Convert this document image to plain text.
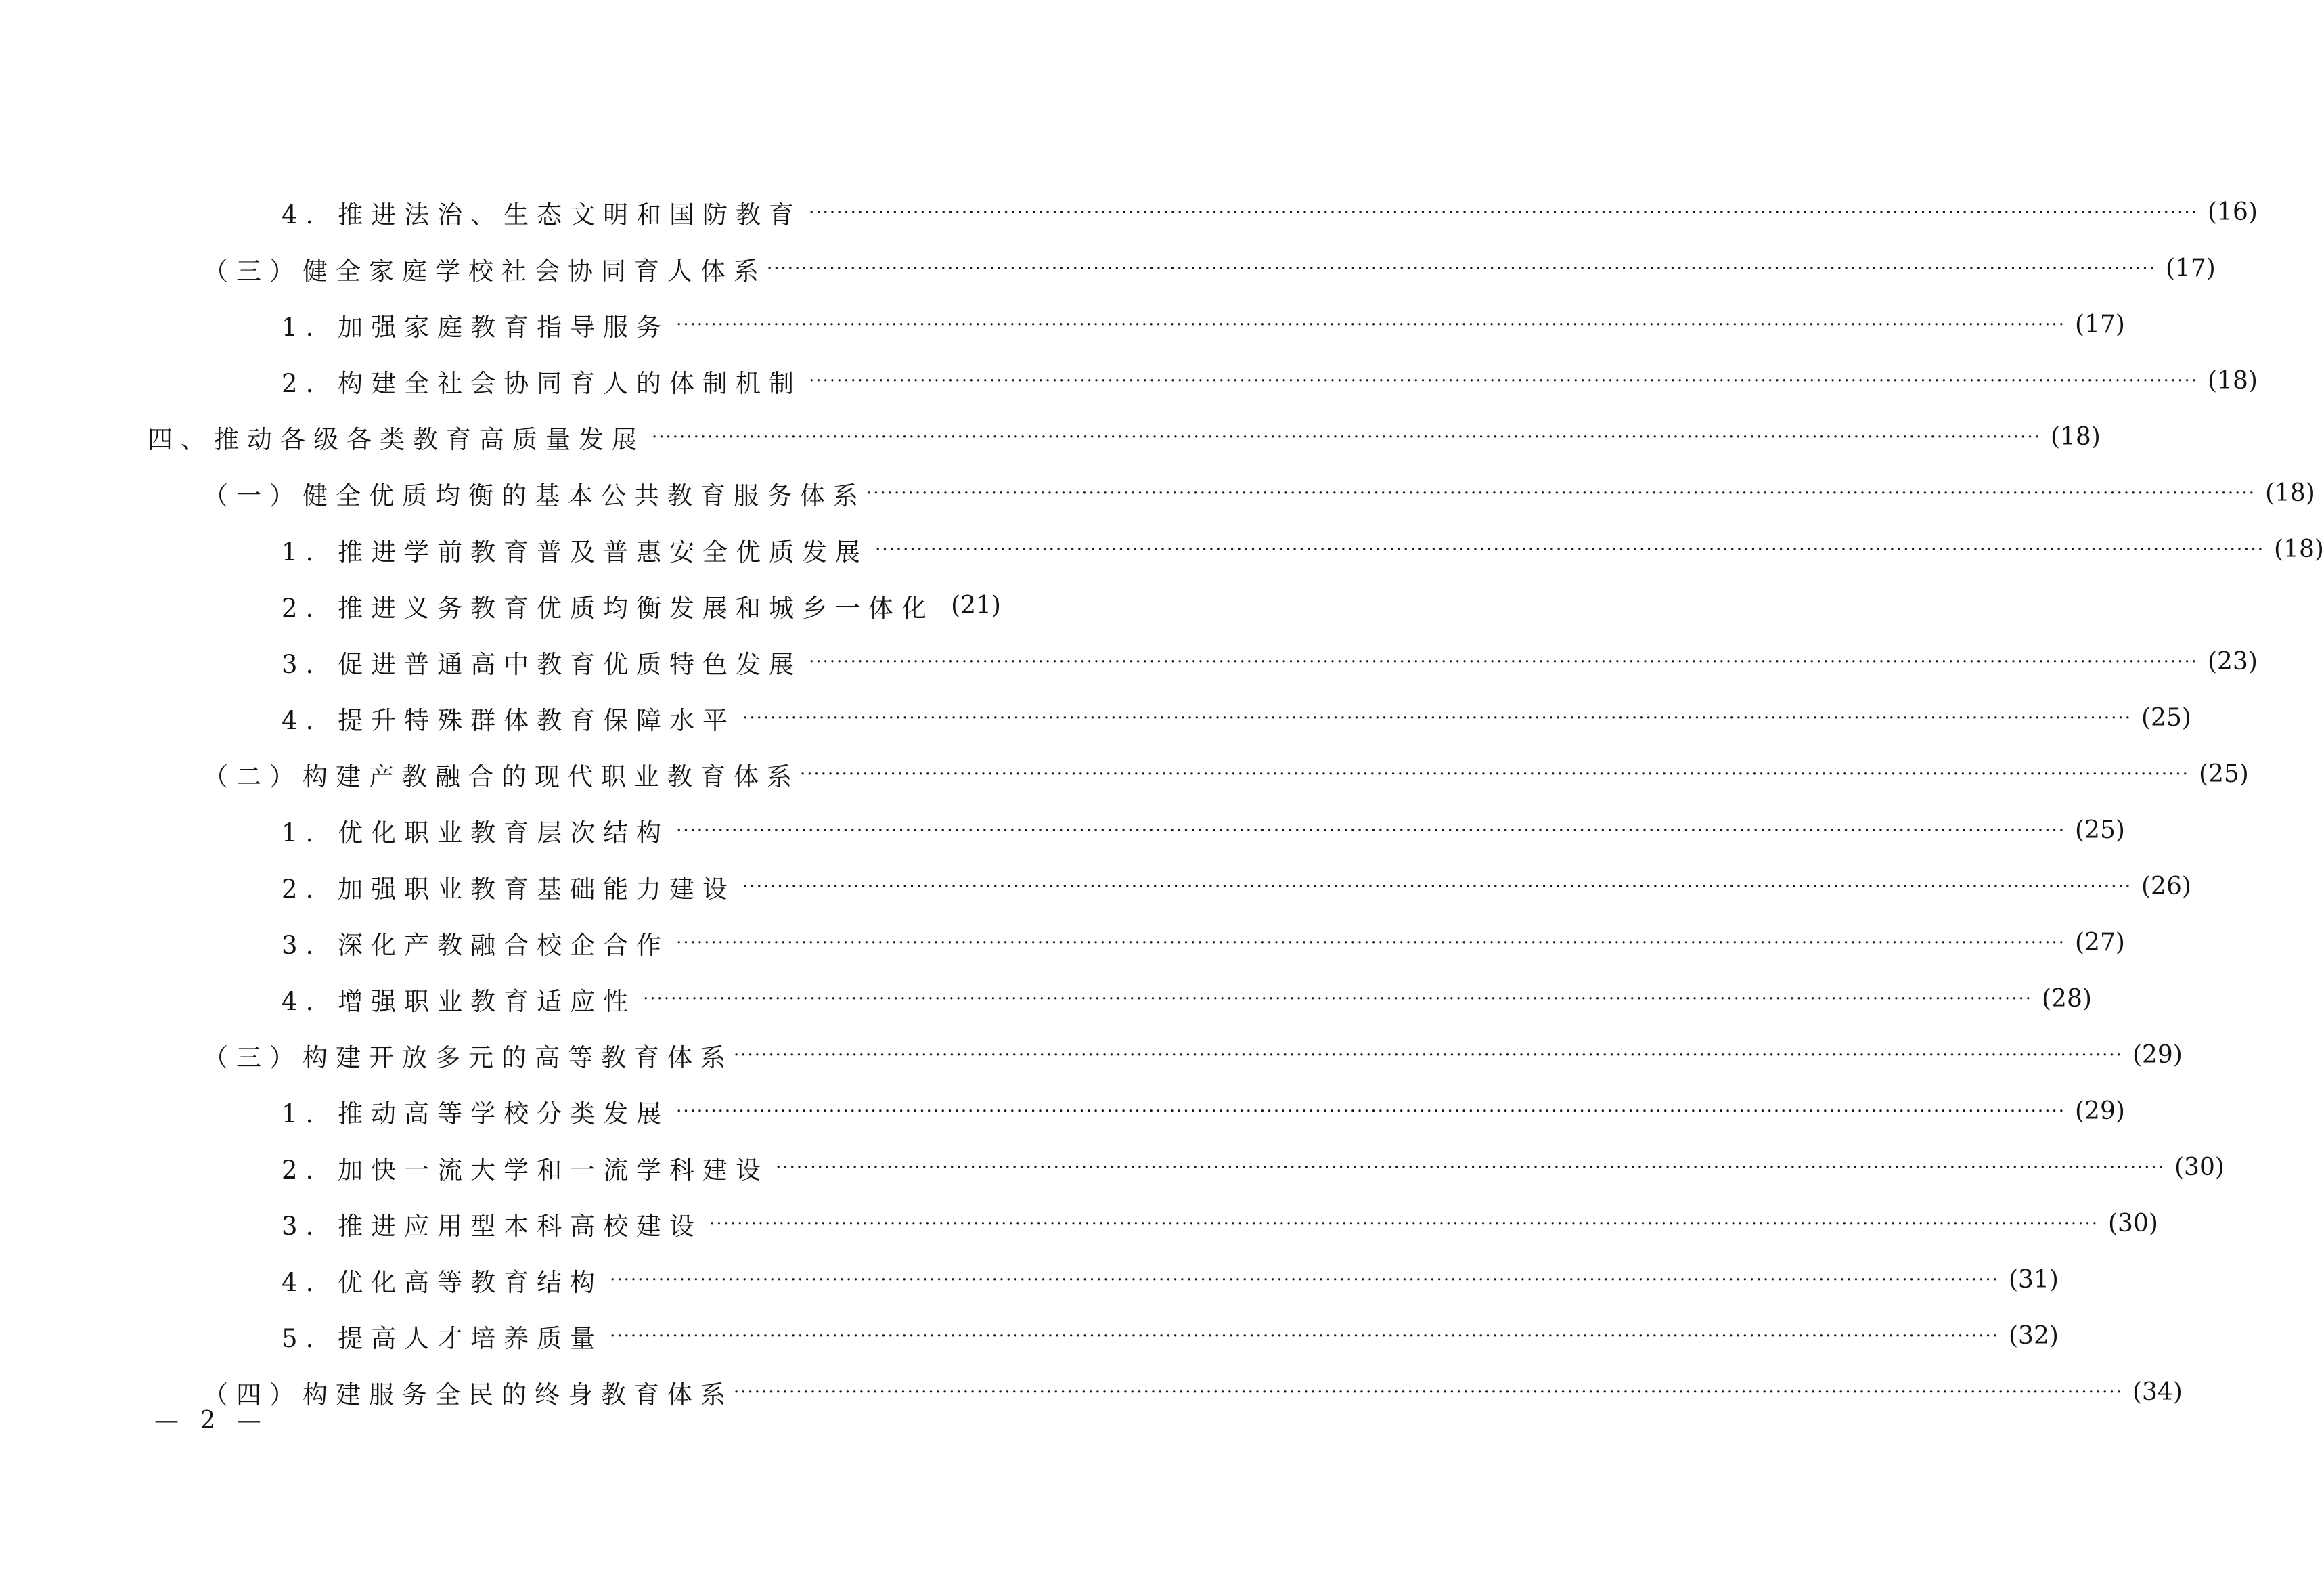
4. 推进法治、生态文明和国防教育 ········································································································································································································ (16)
（三）健全家庭学校社会协同育人体系 ········································································································································································································ (17)
1. 加强家庭教育指导服务 ········································································································································································································ (17)
2. 构建全社会协同育人的体制机制 ········································································································································································································ (18)
四、推动各级各类教育高质量发展 ········································································································································································································ (18)
（一）健全优质均衡的基本公共教育服务体系 ········································································································································································································ (18)
1. 推进学前教育普及普惠安全优质发展 ········································································································································································································ (18)
2. 推进义务教育优质均衡发展和城乡一体化 (21)
3. 促进普通高中教育优质特色发展 ········································································································································································································ (23)
4. 提升特殊群体教育保障水平 ········································································································································································································ (25)
（二）构建产教融合的现代职业教育体系 ········································································································································································································ (25)
1. 优化职业教育层次结构 ········································································································································································································ (25)
2. 加强职业教育基础能力建设 ········································································································································································································ (26)
3. 深化产教融合校企合作 ········································································································································································································ (27)
4. 增强职业教育适应性 ········································································································································································································ (28)
（三）构建开放多元的高等教育体系 ········································································································································································································ (29)
1. 推动高等学校分类发展 ········································································································································································································ (29)
2. 加快一流大学和一流学科建设 ········································································································································································································ (30)
3. 推进应用型本科高校建设 ········································································································································································································ (30)
4. 优化高等教育结构 ········································································································································································································ (31)
5. 提高人才培养质量 ········································································································································································································ (32)
（四）构建服务全民的终身教育体系 ········································································································································································································ (34)
— 2 —
